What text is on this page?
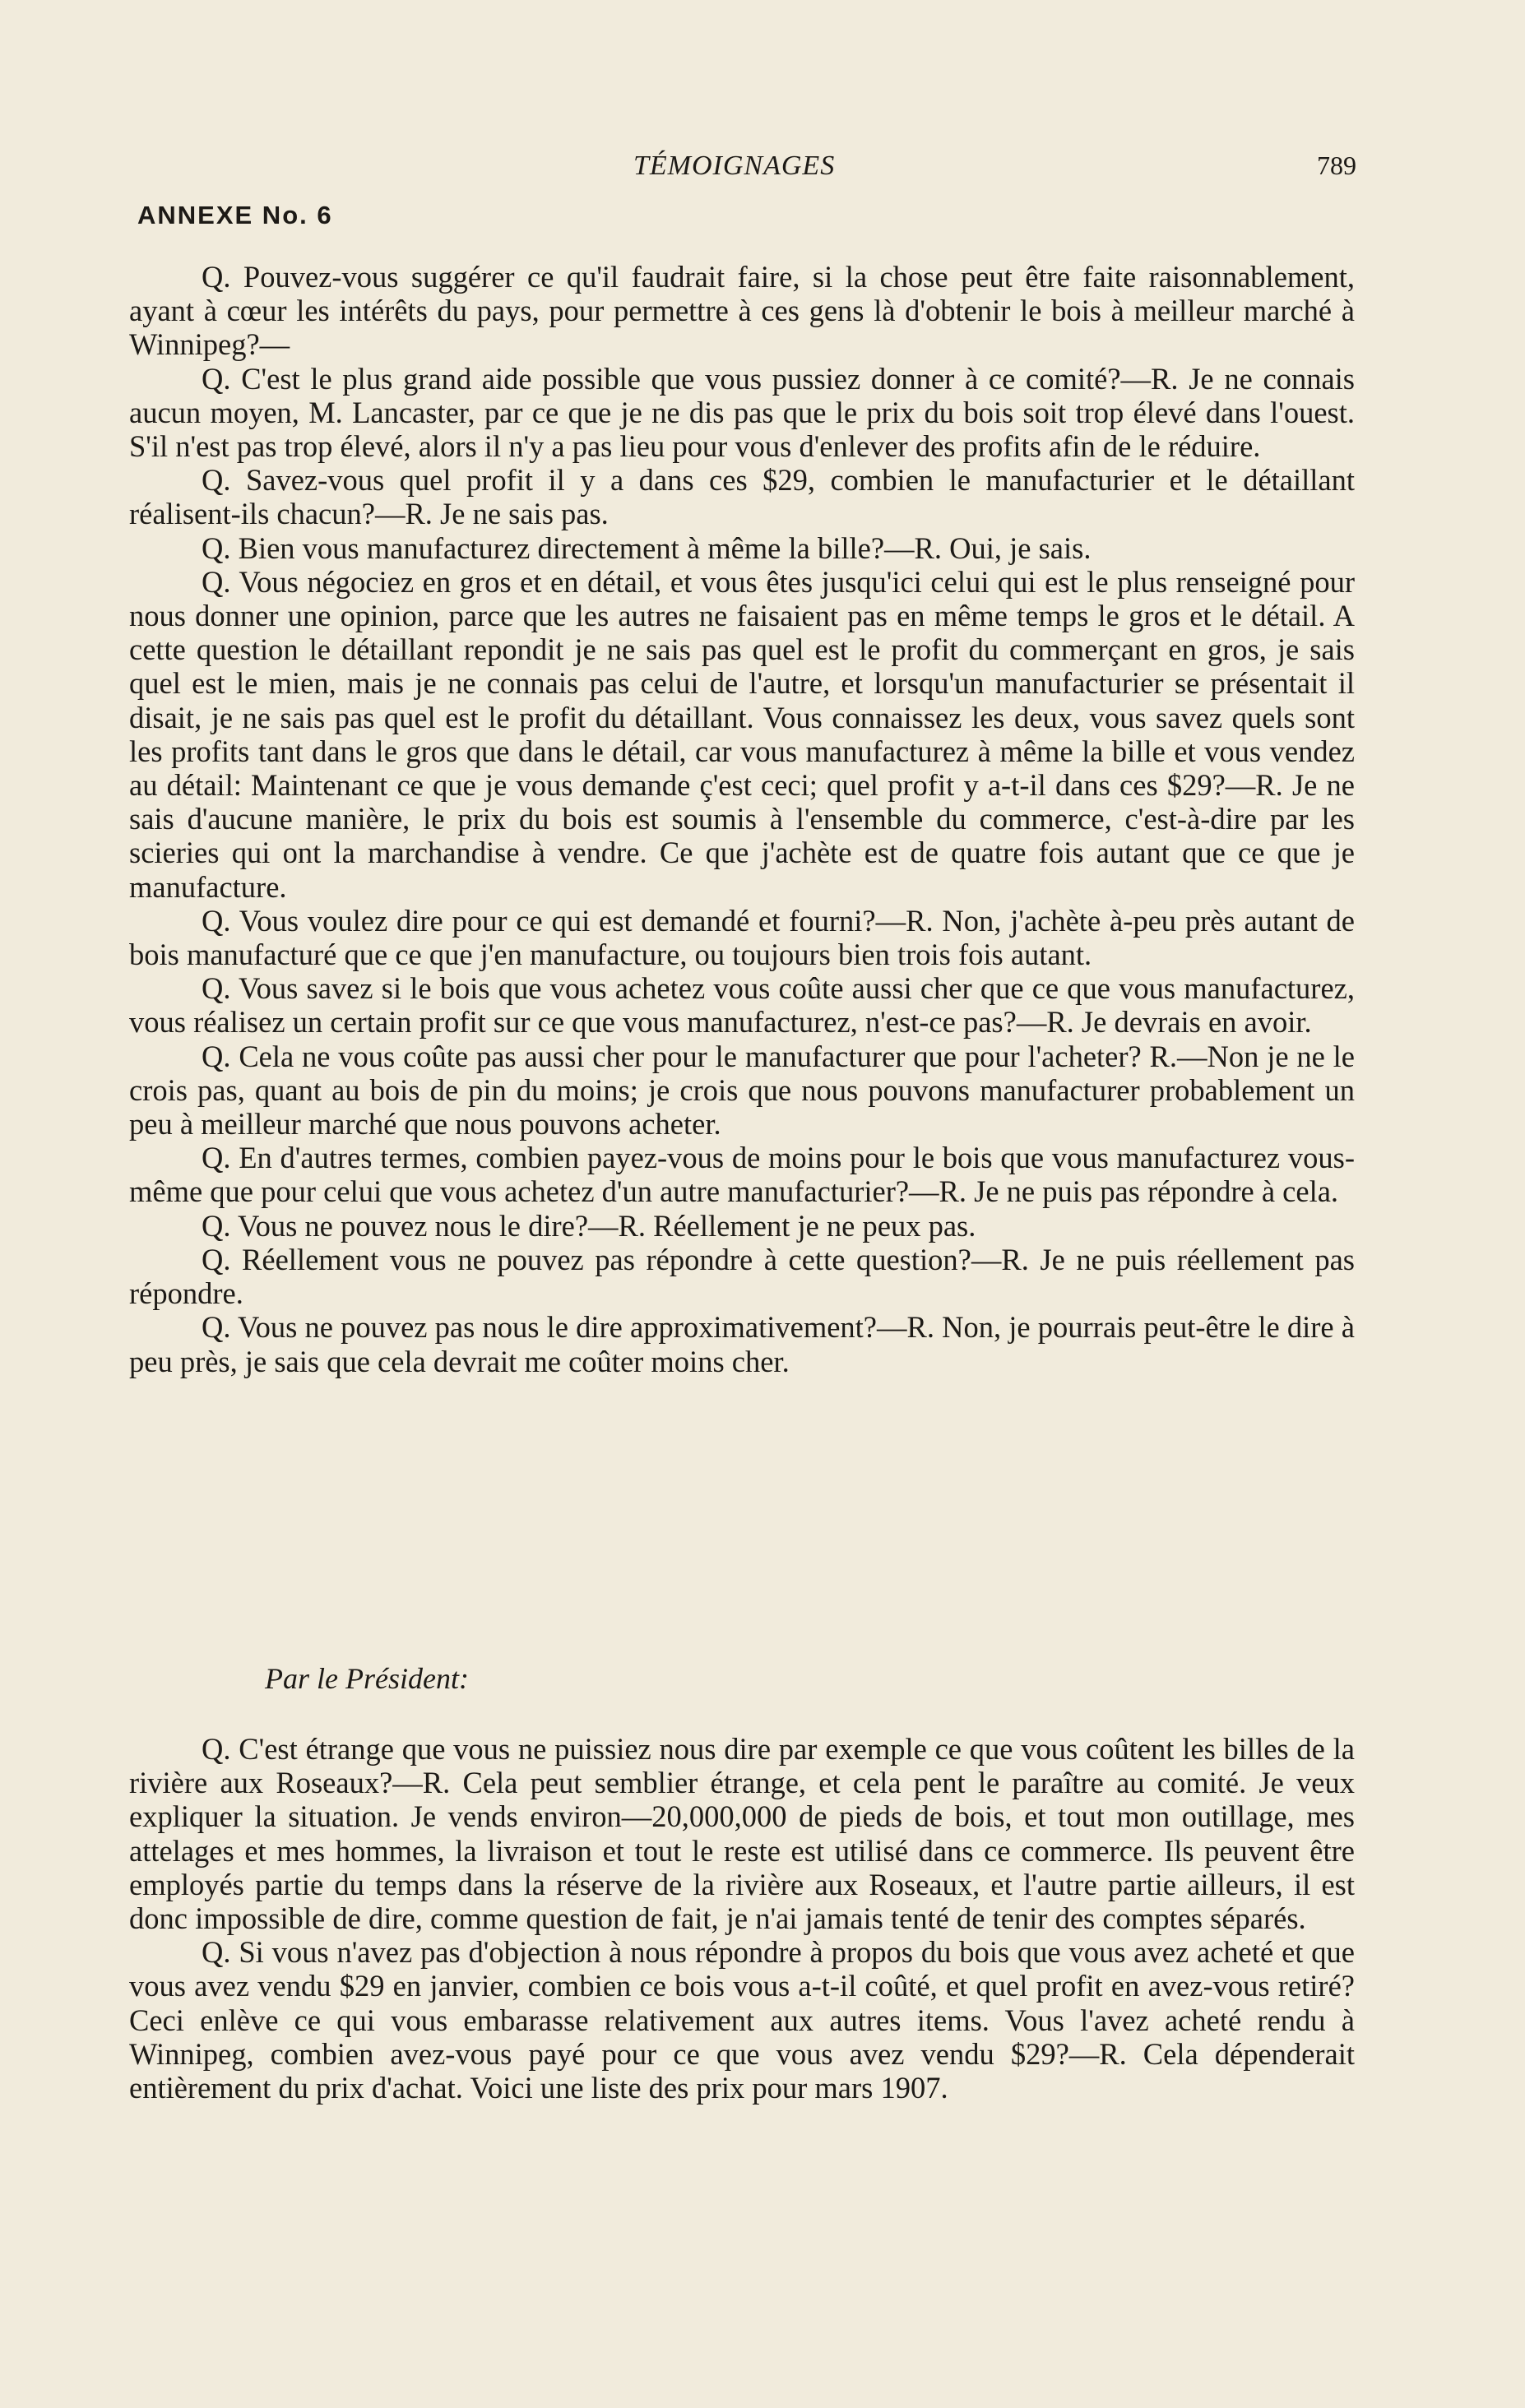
TÉMOIGNAGES	789
ANNEXE No. 6

Q. Pouvez-vous suggérer ce qu'il faudrait faire, si la chose peut être faite raisonnablement, ayant à cœur les intérêts du pays, pour permettre à ces gens là d'obtenir le bois à meilleur marché à Winnipeg?—

Q. C'est le plus grand aide possible que vous pussiez donner à ce comité?—R. Je ne connais aucun moyen, M. Lancaster, par ce que je ne dis pas que le prix du bois soit trop élevé dans l'ouest. S'il n'est pas trop élevé, alors il n'y a pas lieu pour vous d'enlever des profits afin de le réduire.

Q. Savez-vous quel profit il y a dans ces $29, combien le manufacturier et le détaillant réalisent-ils chacun?—R. Je ne sais pas.

Q. Bien vous manufacturez directement à même la bille?—R. Oui, je sais.

Q. Vous négociez en gros et en détail, et vous êtes jusqu'ici celui qui est le plus renseigné pour nous donner une opinion, parce que les autres ne faisaient pas en même temps le gros et le détail. A cette question le détaillant repondit je ne sais pas quel est le profit du commerçant en gros, je sais quel est le mien, mais je ne connais pas celui de l'autre, et lorsqu'un manufacturier se présentait il disait, je ne sais pas quel est le profit du détaillant. Vous connaissez les deux, vous savez quels sont les profits tant dans le gros que dans le détail, car vous manufacturez à même la bille et vous vendez au détail: Maintenant ce que je vous demande ç'est ceci; quel profit y a-t-il dans ces $29?—R. Je ne sais d'aucune manière, le prix du bois est soumis à l'ensemble du commerce, c'est-à-dire par les scieries qui ont la marchandise à vendre. Ce que j'achète est de quatre fois autant que ce que je manufacture.

Q. Vous voulez dire pour ce qui est demandé et fourni?—R. Non, j'achète à-peu près autant de bois manufacturé que ce que j'en manufacture, ou toujours bien trois fois autant.

Q. Vous savez si le bois que vous achetez vous coûte aussi cher que ce que vous manufacturez, vous réalisez un certain profit sur ce que vous manufacturez, n'est-ce pas?—R. Je devrais en avoir.

Q. Cela ne vous coûte pas aussi cher pour le manufacturer que pour l'acheter? R.—Non je ne le crois pas, quant au bois de pin du moins; je crois que nous pouvons manufacturer probablement un peu à meilleur marché que nous pouvons acheter.

Q. En d'autres termes, combien payez-vous de moins pour le bois que vous manufacturez vous-même que pour celui que vous achetez d'un autre manufacturier?—R. Je ne puis pas répondre à cela.

Q. Vous ne pouvez nous le dire?—R. Réellement je ne peux pas.

Q. Réellement vous ne pouvez pas répondre à cette question?—R. Je ne puis réellement pas répondre.

Q. Vous ne pouvez pas nous le dire approximativement?—R. Non, je pourrais peut-être le dire à peu près, je sais que cela devrait me coûter moins cher.

Par le Président:

Q. C'est étrange que vous ne puissiez nous dire par exemple ce que vous coûtent les billes de la rivière aux Roseaux?—R. Cela peut semblier étrange, et cela pent le paraître au comité. Je veux expliquer la situation. Je vends environ—20,000,000 de pieds de bois, et tout mon outillage, mes attelages et mes hommes, la livraison et tout le reste est utilisé dans ce commerce. Ils peuvent être employés partie du temps dans la réserve de la rivière aux Roseaux, et l'autre partie ailleurs, il est donc impossible de dire, comme question de fait, je n'ai jamais tenté de tenir des comptes séparés.

Q. Si vous n'avez pas d'objection à nous répondre à propos du bois que vous avez acheté et que vous avez vendu $29 en janvier, combien ce bois vous a-t-il coûté, et quel profit en avez-vous retiré? Ceci enlève ce qui vous embarasse relativement aux autres items. Vous l'avez acheté rendu à Winnipeg, combien avez-vous payé pour ce que vous avez vendu $29?—R. Cela dépenderait entièrement du prix d'achat. Voici une liste des prix pour mars 1907.
